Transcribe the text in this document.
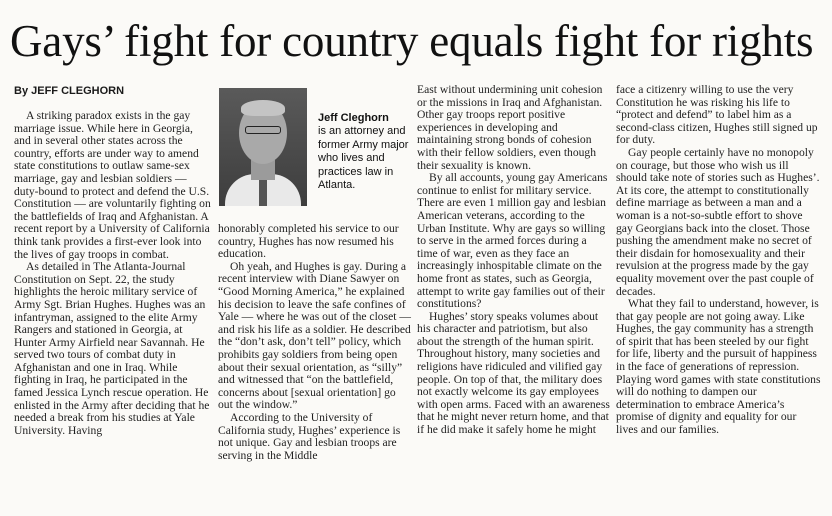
Gays’ fight for country equals fight for rights
By JEFF CLEGHORN
Jeff Cleghorn
is an attorney and former Army major who lives and practices law in Atlanta.

A striking paradox exists in the gay marriage issue. While here in Georgia, and in several other states across the country, efforts are under way to amend state constitutions to outlaw same-sex marriage, gay and lesbian soldiers — duty-bound to protect and defend the U.S. Constitution — are voluntarily fighting on the battlefields of Iraq and Afghanistan. A recent report by a University of California think tank provides a first-ever look into the lives of gay troops in combat.

As detailed in The Atlanta-Journal Constitution on Sept. 22, the study highlights the heroic military service of Army Sgt. Brian Hughes. Hughes was an infantryman, assigned to the elite Army Rangers and stationed in Georgia, at Hunter Army Airfield near Savannah. He served two tours of combat duty in Afghanistan and one in Iraq. While fighting in Iraq, he participated in the famed Jessica Lynch rescue operation. He enlisted in the Army after deciding that he needed a break from his studies at Yale University. Having

honorably completed his service to our country, Hughes has now resumed his education.

Oh yeah, and Hughes is gay. During a recent interview with Diane Sawyer on “Good Morning America,” he explained his decision to leave the safe confines of Yale — where he was out of the closet — and risk his life as a soldier. He described the “don’t ask, don’t tell” policy, which prohibits gay soldiers from being open about their sexual orientation, as “silly” and witnessed that “on the battlefield, concerns about [sexual orientation] go out the window.”

According to the University of California study, Hughes’ experience is not unique. Gay and lesbian troops are serving in the Middle

East without undermining unit cohesion or the missions in Iraq and Afghanistan. Other gay troops report positive experiences in developing and maintaining strong bonds of cohesion with their fellow soldiers, even though their sexuality is known.

By all accounts, young gay Americans continue to enlist for military service. There are even 1 million gay and lesbian American veterans, according to the Urban Institute. Why are gays so willing to serve in the armed forces during a time of war, even as they face an increasingly inhospitable climate on the home front as states, such as Georgia, attempt to write gay families out of their constitutions?

Hughes’ story speaks volumes about his character and patriotism, but also about the strength of the human spirit. Throughout history, many societies and religions have ridiculed and vilified gay people. On top of that, the military does not exactly welcome its gay employees with open arms. Faced with an awareness that he might never return home, and that if he did make it safely home he might

face a citizenry willing to use the very Constitution he was risking his life to “protect and defend” to label him as a second-class citizen, Hughes still signed up for duty.

Gay people certainly have no monopoly on courage, but those who wish us ill should take note of stories such as Hughes’. At its core, the attempt to constitutionally define marriage as between a man and a woman is a not-so-subtle effort to shove gay Georgians back into the closet. Those pushing the amendment make no secret of their disdain for homosexuality and their revulsion at the progress made by the gay equality movement over the past couple of decades.

What they fail to understand, however, is that gay people are not going away. Like Hughes, the gay community has a strength of spirit that has been steeled by our fight for life, liberty and the pursuit of happiness in the face of generations of repression. Playing word games with state constitutions will do nothing to dampen our determination to embrace America’s promise of dignity and equality for our lives and our families.
